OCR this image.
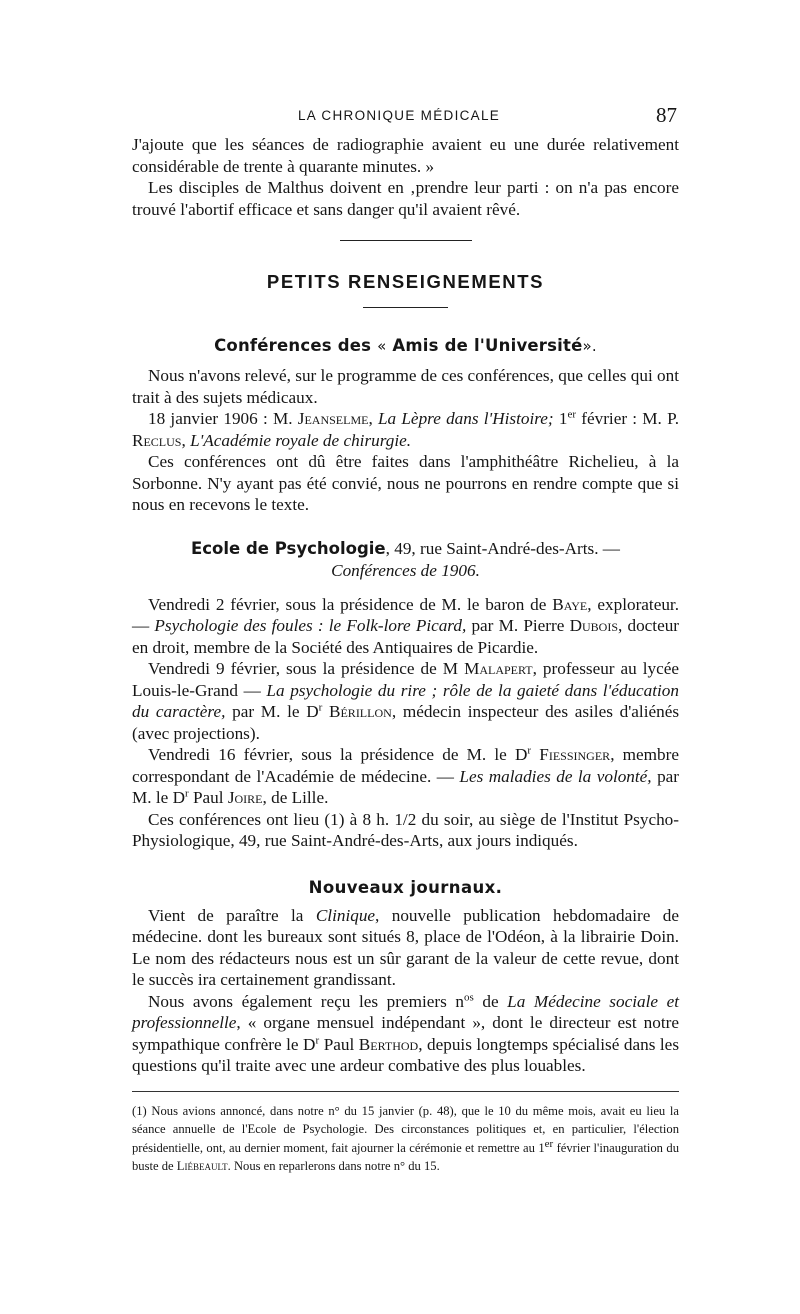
LA CHRONIQUE MÉDICALE	87

J'ajoute que les séances de radiographie avaient eu une durée relativement considérable de trente à quarante minutes. »

Les disciples de Malthus doivent en ‚prendre leur parti : on n'a pas encore trouvé l'abortif efficace et sans danger qu'il avaient rêvé.

PETITS RENSEIGNEMENTS
Conférences des « Amis de l'Université».

Nous n'avons relevé, sur le programme de ces conférences, que celles qui ont trait à des sujets médicaux.

18 janvier 1906 : M. Jeanselme, La Lèpre dans l'Histoire; 1er février : M. P. Reclus, L'Académie royale de chirurgie.

Ces conférences ont dû être faites dans l'amphithéâtre Richelieu, à la Sorbonne. N'y ayant pas été convié, nous ne pourrons en rendre compte que si nous en recevons le texte.

Ecole de Psychologie, 49, rue Saint-André-des-Arts. —
Conférences de 1906.

Vendredi 2 février, sous la présidence de M. le baron de Baye, explorateur. — Psychologie des foules : le Folk-lore Picard, par M. Pierre Dubois, docteur en droit, membre de la Société des Antiquaires de Picardie.

Vendredi 9 février, sous la présidence de M Malapert, professeur au lycée Louis-le-Grand — La psychologie du rire ; rôle de la gaieté dans l'éducation du caractère, par M. le $D^r$ Bérillon, médecin inspecteur des asiles d'aliénés (avec projections).

Vendredi 16 février, sous la présidence de M. le $D^r$ Fiessinger, membre correspondant de l'Académie de médecine. — Les maladies de la volonté, par M. le $D^r$ Paul Joire, de Lille.

Ces conférences ont lieu (1) à 8 h. 1/2 du soir, au siège de l'Institut Psycho-Physiologique, 49, rue Saint-André-des-Arts, aux jours indiqués.

Nouveaux journaux.

Vient de paraître la Clinique, nouvelle publication hebdomadaire de médecine. dont les bureaux sont situés 8, place de l'Odéon, à la librairie Doin. Le nom des rédacteurs nous est un sûr garant de la valeur de cette revue, dont le succès ira certainement grandissant.

Nous avons également reçu les premiers $n^{os}$ de La Médecine sociale et professionnelle, « organe mensuel indépendant », dont le directeur est notre sympathique confrère le $D^r$ Paul Berthod, depuis longtemps spécialisé dans les questions qu'il traite avec une ardeur combative des plus louables.

(1) Nous avions annoncé, dans notre n° du 15 janvier (p. 48), que le 10 du même mois, avait eu lieu la séance annuelle de l'Ecole de Psychologie. Des circonstances politiques et, en particulier, l'élection présidentielle, ont, au dernier moment, fait ajourner la cérémonie et remettre au 1er février l'inauguration du buste de Liébeault. Nous en reparlerons dans notre n° du 15.
